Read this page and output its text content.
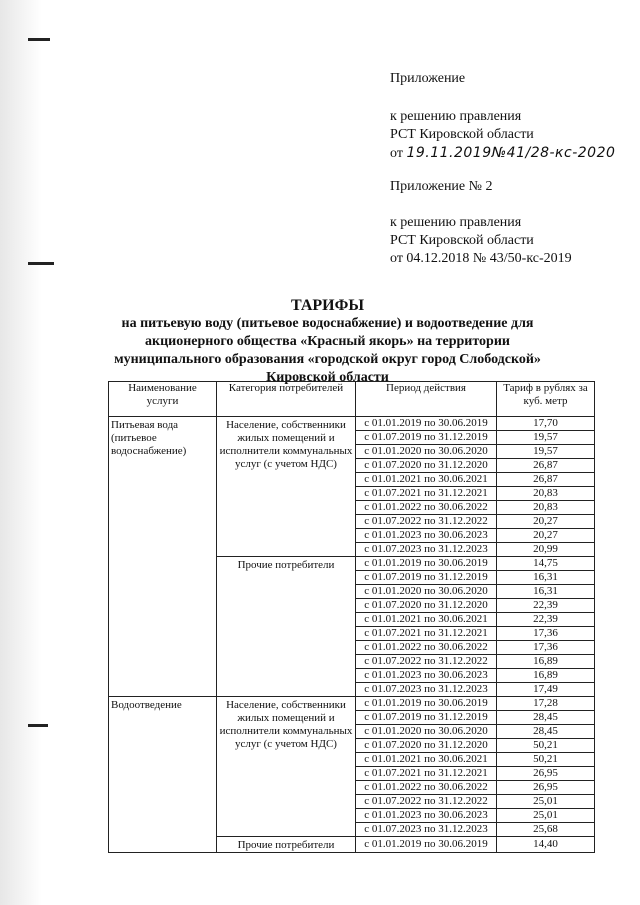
Приложение
к решению правления
РСТ Кировской области
от 19.11.2019№41/28-кс-2020
Приложение № 2
к решению правления
РСТ Кировской области
от 04.12.2018 № 43/50-кс-2019
ТАРИФЫ
на питьевую воду (питьевое водоснабжение) и водоотведение для
акционерного общества «Красный якорь» на территории
муниципального образования «городской округ город Слободской»
Кировской области
Наименование услуги	Категория потребителей	Период действия	Тариф в рублях за куб. метр
Питьевая вода (питьевое водоснабжение)	Население, собственники жилых помещений и исполнители коммунальных услуг (с учетом НДС)	с 01.01.2019 по 30.06.2019	17,70
		с 01.07.2019 по 31.12.2019	19,57
		с 01.01.2020 по 30.06.2020	19,57
		с 01.07.2020 по 31.12.2020	26,87
		с 01.01.2021 по 30.06.2021	26,87
		с 01.07.2021 по 31.12.2021	20,83
		с 01.01.2022 по 30.06.2022	20,83
		с 01.07.2022 по 31.12.2022	20,27
		с 01.01.2023 по 30.06.2023	20,27
		с 01.07.2023 по 31.12.2023	20,99
	Прочие потребители	с 01.01.2019 по 30.06.2019	14,75
		с 01.07.2019 по 31.12.2019	16,31
		с 01.01.2020 по 30.06.2020	16,31
		с 01.07.2020 по 31.12.2020	22,39
		с 01.01.2021 по 30.06.2021	22,39
		с 01.07.2021 по 31.12.2021	17,36
		с 01.01.2022 по 30.06.2022	17,36
		с 01.07.2022 по 31.12.2022	16,89
		с 01.01.2023 по 30.06.2023	16,89
		с 01.07.2023 по 31.12.2023	17,49
Водоотведение	Население, собственники жилых помещений и исполнители коммунальных услуг (с учетом НДС)	с 01.01.2019 по 30.06.2019	17,28
		с 01.07.2019 по 31.12.2019	28,45
		с 01.01.2020 по 30.06.2020	28,45
		с 01.07.2020 по 31.12.2020	50,21
		с 01.01.2021 по 30.06.2021	50,21
		с 01.07.2021 по 31.12.2021	26,95
		с 01.01.2022 по 30.06.2022	26,95
		с 01.07.2022 по 31.12.2022	25,01
		с 01.01.2023 по 30.06.2023	25,01
		с 01.07.2023 по 31.12.2023	25,68
	Прочие потребители	с 01.01.2019 по 30.06.2019	14,40
